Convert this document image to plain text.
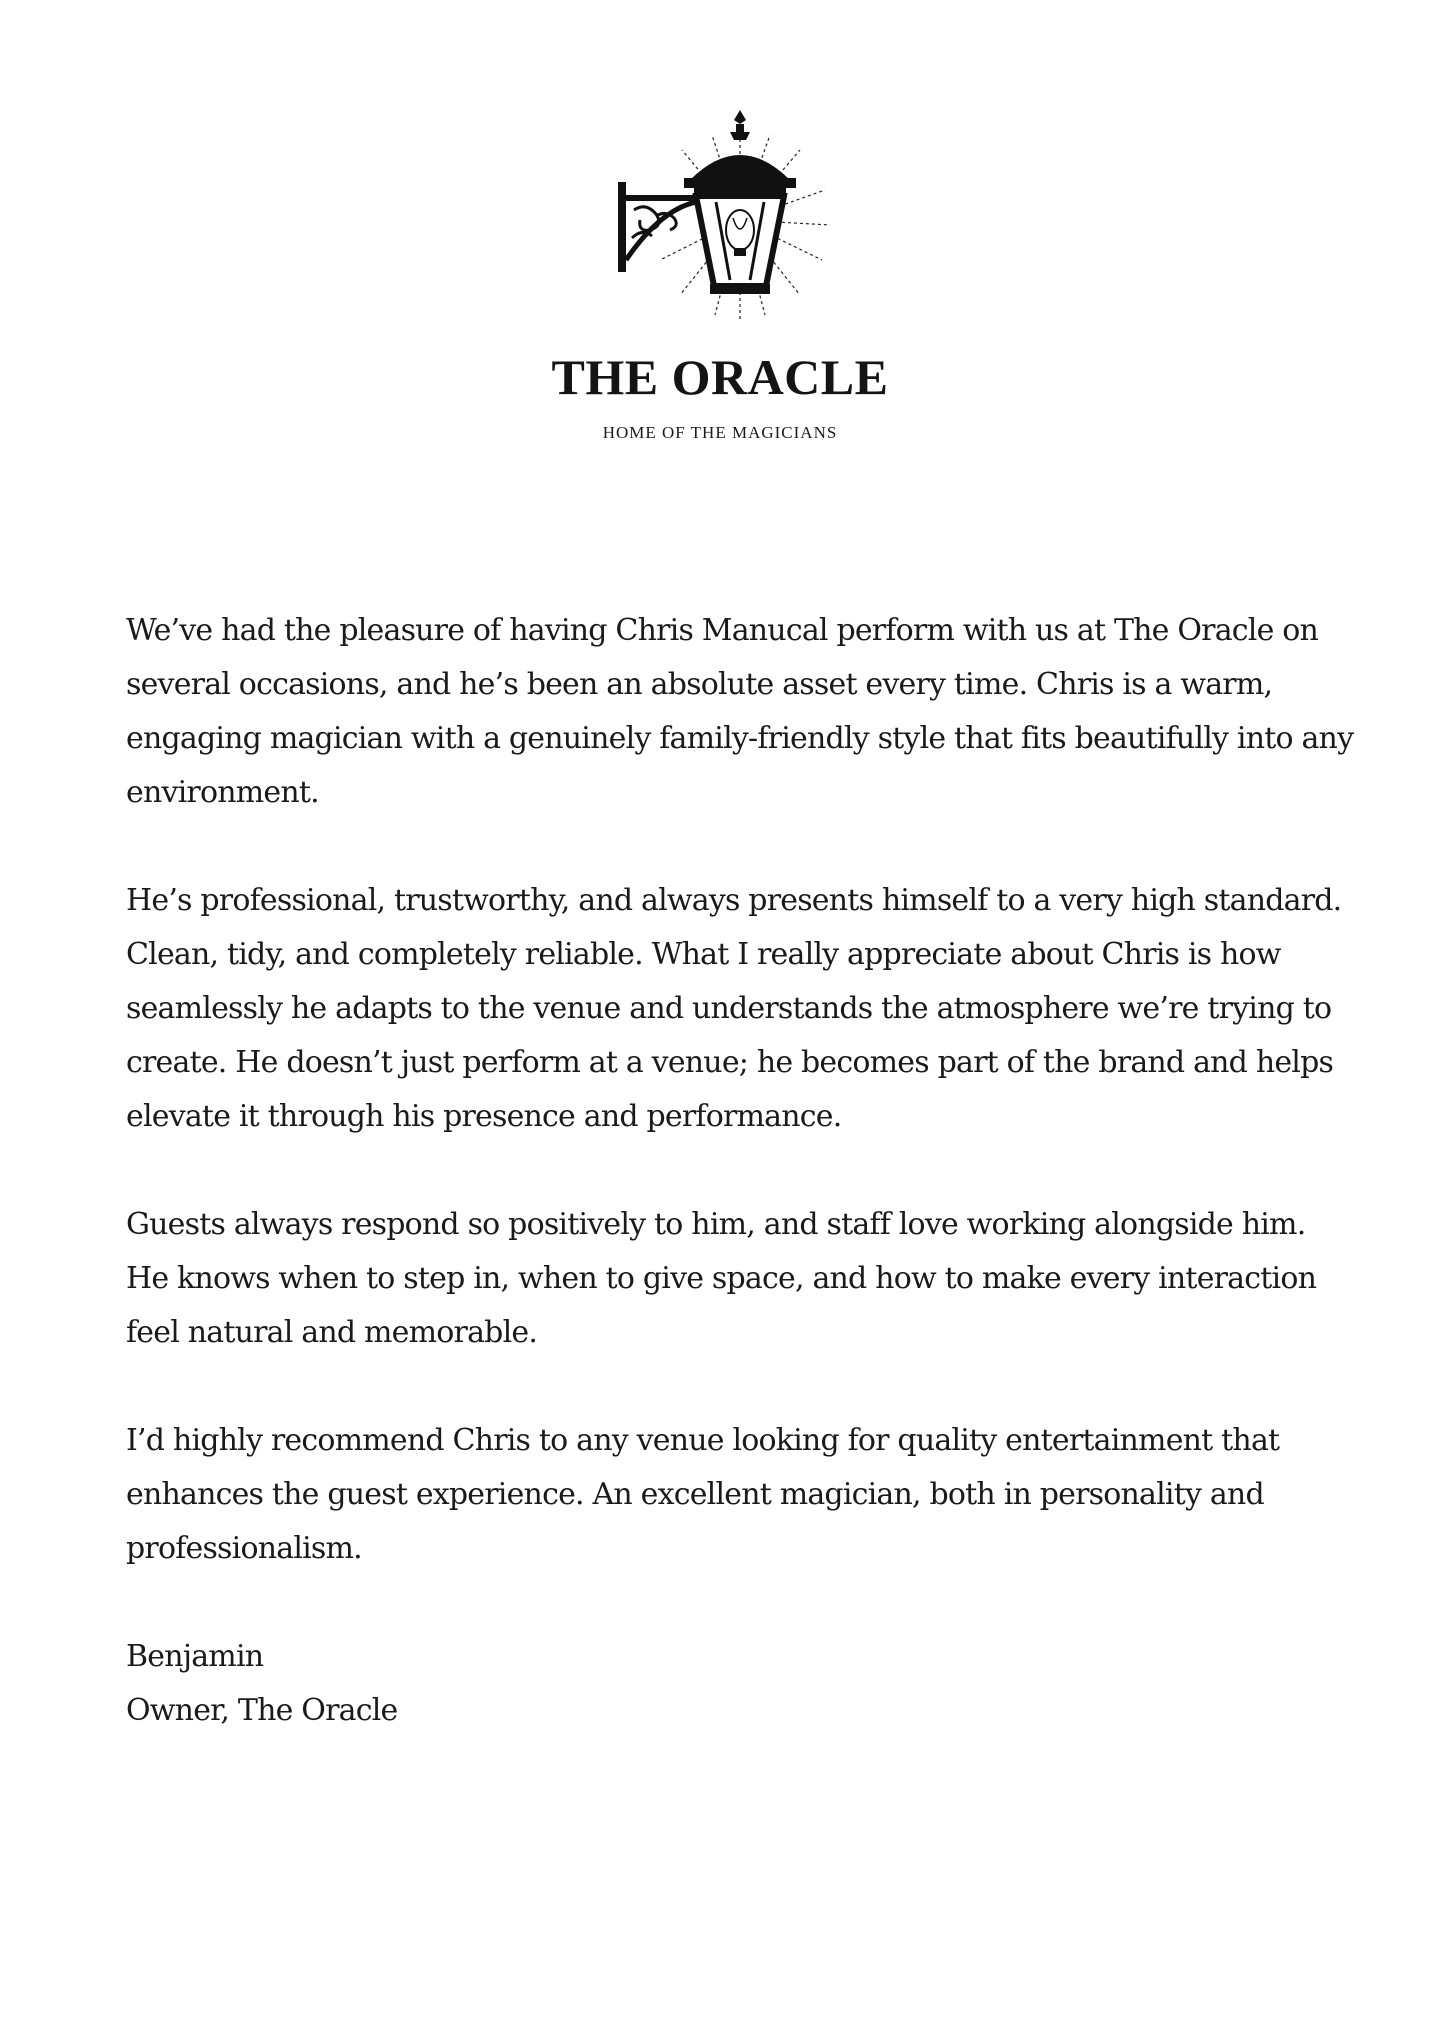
THE ORACLE
HOME OF THE MAGICIANS

We’ve had the pleasure of having Chris Manucal perform with us at The Oracle on several occasions, and he’s been an absolute asset every time. Chris is a warm, engaging magician with a genuinely family-friendly style that fits beautifully into any environment.

He’s professional, trustworthy, and always presents himself to a very high standard. Clean, tidy, and completely reliable. What I really appreciate about Chris is how seamlessly he adapts to the venue and understands the atmosphere we’re trying to create. He doesn’t just perform at a venue; he becomes part of the brand and helps elevate it through his presence and performance.

Guests always respond so positively to him, and staff love working alongside him. He knows when to step in, when to give space, and how to make every interaction feel natural and memorable.

I’d highly recommend Chris to any venue looking for quality entertainment that enhances the guest experience. An excellent magician, both in personality and professionalism.

Benjamin
Owner, The Oracle
